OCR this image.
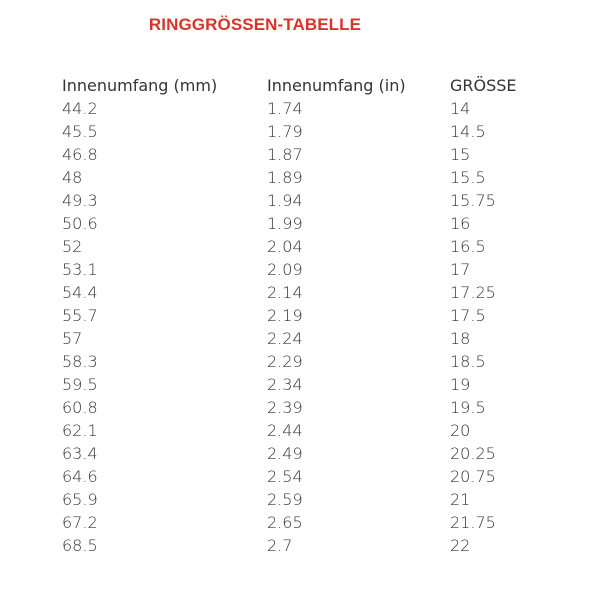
RINGGRÖSSEN-TABELLE
Innenumfang (mm)	Innenumfang (in)	GRÖSSE
44.2	1.74	14
45.5	1.79	14.5
46.8	1.87	15
48	1.89	15.5
49.3	1.94	15.75
50.6	1.99	16
52	2.04	16.5
53.1	2.09	17
54.4	2.14	17.25
55.7	2.19	17.5
57	2.24	18
58.3	2.29	18.5
59.5	2.34	19
60.8	2.39	19.5
62.1	2.44	20
63.4	2.49	20.25
64.6	2.54	20.75
65.9	2.59	21
67.2	2.65	21.75
68.5	2.7	22
